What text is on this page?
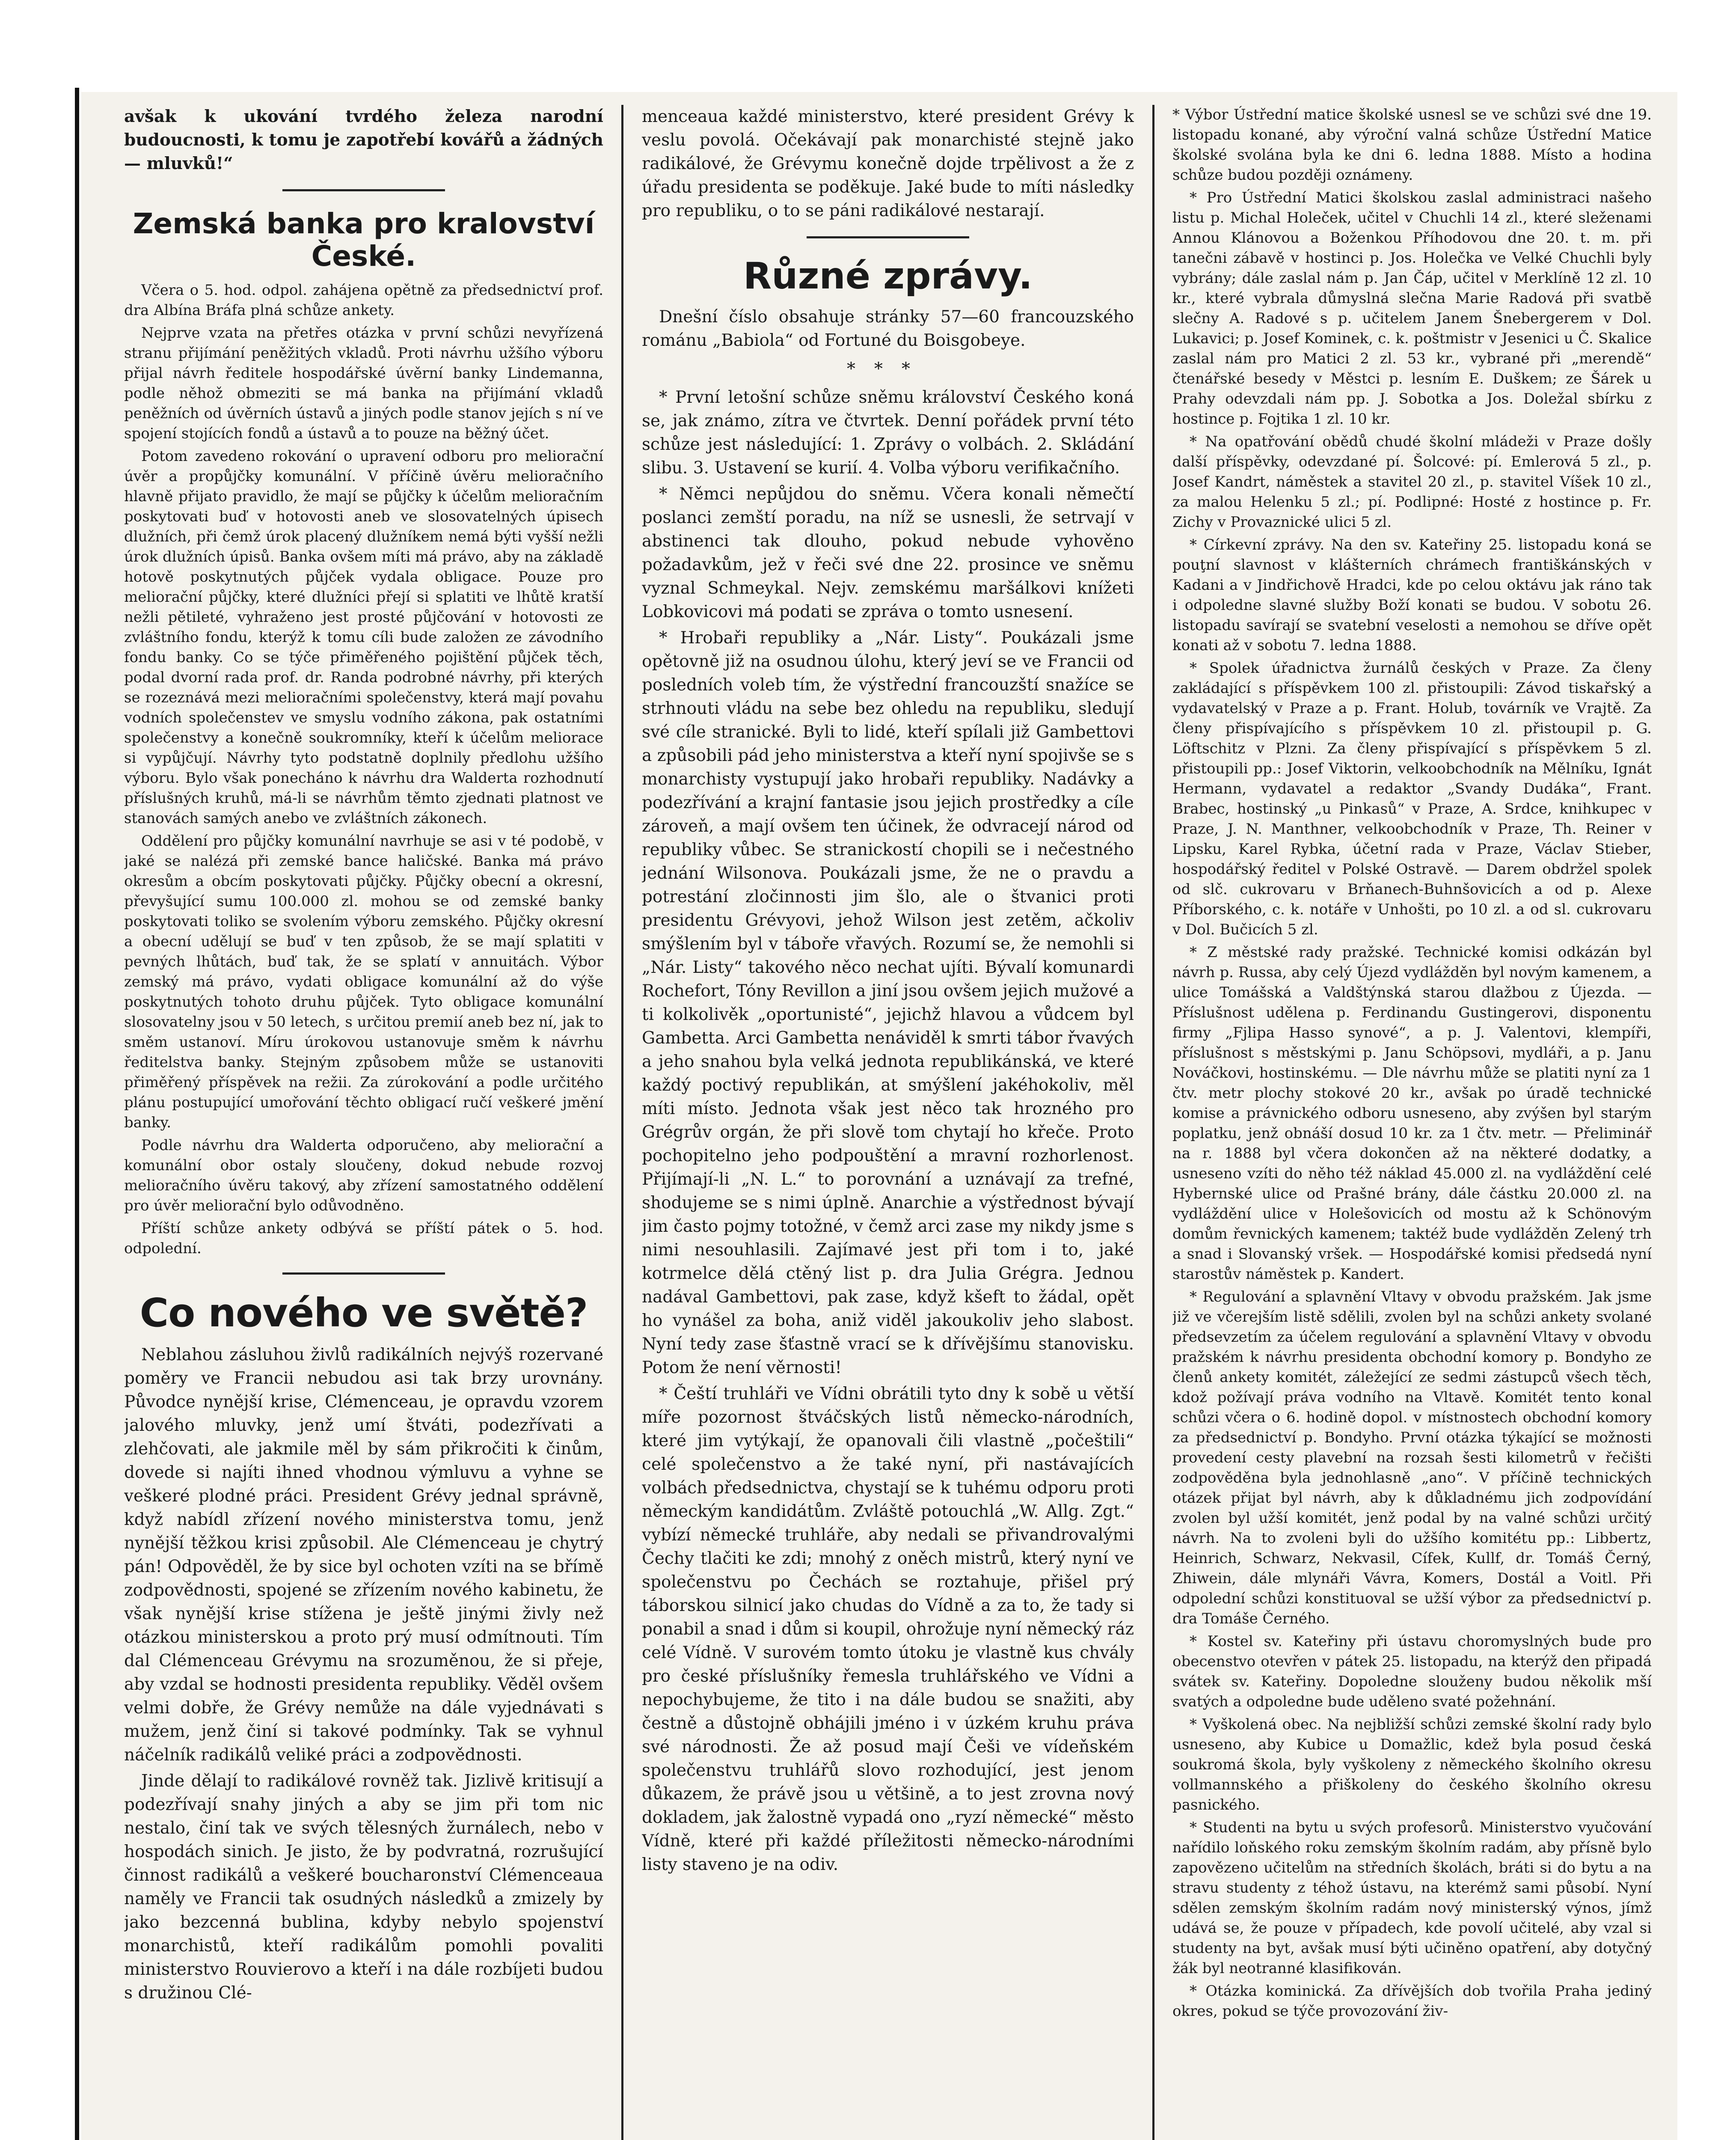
avšak k ukování tvrdého železa narodní budoucnosti, k tomu je zapotřebí kovářů a žádných — mluvků!“

Zemská banka pro kralovství České.

Včera o 5. hod. odpol. zahájena opětně za předsednictví prof. dra Albína Bráfa plná schůze ankety.

Nejprve vzata na přetřes otázka v první schůzi nevyřízená stranu přijímání peněžitých vkladů. Proti návrhu užšího výboru přijal návrh ředitele hospodářské úvěrní banky Lindemanna, podle něhož obmeziti se má banka na přijímání vkladů peněžních od úvěrních ústavů a jiných podle stanov jejích s ní ve spojení stojících fondů a ústavů a to pouze na běžný účet.

Potom zavedeno rokování o upravení odboru pro meliorační úvěr a propůjčky komunální. V příčině úvěru melioračního hlavně přijato pravidlo, že mají se půjčky k účelům melioračním poskytovati buď v hotovosti aneb ve slosovatelných úpisech dlužních, při čemž úrok placený dlužníkem nemá býti vyšší nežli úrok dlužních úpisů. Banka ovšem míti má právo, aby na základě hotově poskytnutých půjček vydala obligace. Pouze pro meliorační půjčky, které dlužníci přejí si splatiti ve lhůtě kratší nežli pětileté, vyhraženo jest prosté půjčování v hotovosti ze zvláštního fondu, kterýž k tomu cíli bude založen ze závodního fondu banky. Co se týče přiměřeného pojištění půjček těch, podal dvorní rada prof. dr. Randa podrobné návrhy, při kterých se rozeznává mezi melioračními společenstvy, která mají povahu vodních společenstev ve smyslu vodního zákona, pak ostatními společenstvy a konečně soukromníky, kteří k účelům meliorace si vypůjčují. Návrhy tyto podstatně doplnily předlohu užšího výboru. Bylo však ponecháno k návrhu dra Walderta rozhodnutí příslušných kruhů, má-li se návrhům těmto zjednati platnost ve stanovách samých anebo ve zvláštních zákonech.

Oddělení pro půjčky komunální navrhuje se asi v té podobě, v jaké se nalézá při zemské bance haličské. Banka má právo okresům a obcím poskytovati půjčky. Půjčky obecní a okresní, převyšující sumu 100.000 zl. mohou se od zemské banky poskytovati toliko se svolením výboru zemského. Půjčky okresní a obecní udělují se buď v ten způsob, že se mají splatiti v pevných lhůtách, buď tak, že se splatí v annuitách. Výbor zemský má právo, vydati obligace komunální až do výše poskytnutých tohoto druhu půjček. Tyto obligace komunální slosovatelny jsou v 50 letech, s určitou premií aneb bez ní, jak to směm ustanoví. Míru úrokovou ustanovuje směm k návrhu ředitelstva banky. Stejným způsobem může se ustanoviti přiměřený příspěvek na režii. Za zúrokování a podle určitého plánu postupující umořování těchto obligací ručí veškeré jmění banky.

Podle návrhu dra Walderta odporučeno, aby meliorační a komunální obor ostaly sloučeny, dokud nebude rozvoj melioračního úvěru takový, aby zřízení samostatného oddělení pro úvěr meliorační bylo odůvodněno.

Příští schůze ankety odbývá se příští pátek o 5. hod. odpolední.

Co nového ve světě?

Neblahou zásluhou živlů radikálních nejvýš rozervané poměry ve Francii nebudou asi tak brzy urovnány. Původce nynější krise, Clémenceau, je opravdu vzorem jalového mluvky, jenž umí štváti, podezřívati a zlehčovati, ale jakmile měl by sám přikročiti k činům, dovede si najíti ihned vhodnou výmluvu a vyhne se veškeré plodné práci. President Grévy jednal správně, když nabídl zřízení nového ministerstva tomu, jenž nynější těžkou krisi způsobil. Ale Clémenceau je chytrý pán! Odpověděl, že by sice byl ochoten vzíti na se břímě zodpovědnosti, spojené se zřízením nového kabinetu, že však nynější krise stížena je ještě jinými živly než otázkou ministerskou a proto prý musí odmítnouti. Tím dal Clémenceau Grévymu na srozuměnou, že si přeje, aby vzdal se hodnosti presidenta republiky. Věděl ovšem velmi dobře, že Grévy nemůže na dále vyjednávati s mužem, jenž činí si takové podmínky. Tak se vyhnul náčelník radikálů veliké práci a zodpovědnosti.

Jinde dělají to radikálové rovněž tak. Jizlivě kritisují a podezřívají snahy jiných a aby se jim při tom nic nestalo, činí tak ve svých tělesných žurnálech, nebo v hospodách sinich. Je jisto, že by podvratná, rozrušující činnost radikálů a veškeré boucharonství Clémenceaua naměly ve Francii tak osudných následků a zmizely by jako bezcenná bublina, kdyby nebylo spojenství monarchistů, kteří radikálům pomohli povaliti ministerstvo Rouvierovo a kteří i na dále rozbíjeti budou s družinou Clé-

menceaua každé ministerstvo, které president Grévy k veslu povolá. Očekávají pak monarchisté stejně jako radikálové, že Grévymu konečně dojde trpělivost a že z úřadu presidenta se poděkuje. Jaké bude to míti následky pro republiku, o to se páni radikálové nestarají.

Různé zprávy.

Dnešní číslo obsahuje stránky 57—60 francouzského románu „Babiola“ od Fortuné du Boisgobeye.

***

* První letošní schůze sněmu království Českého koná se, jak známo, zítra ve čtvrtek. Denní pořádek první této schůze jest následující: 1. Zprávy o volbách. 2. Skládání slibu. 3. Ustavení se kurií. 4. Volba výboru verifikačního.

* Němci nepůjdou do sněmu. Včera konali němečtí poslanci zemští poradu, na níž se usnesli, že setrvají v abstinenci tak dlouho, pokud nebude vyhověno požadavkům, jež v řeči své dne 22. prosince ve sněmu vyznal Schmeykal. Nejv. zemskému maršálkovi knížeti Lobkovicovi má podati se zpráva o tomto usnesení.

* Hrobaři republiky a „Nár. Listy“. Poukázali jsme opětovně již na osudnou úlohu, který jeví se ve Francii od posledních voleb tím, že výstřední francouzští snažíce se strhnouti vládu na sebe bez ohledu na republiku, sledují své cíle stranické. Byli to lidé, kteří spílali již Gambettovi a způsobili pád jeho ministerstva a kteří nyní spojivše se s monarchisty vystupují jako hrobaři republiky. Nadávky a podezřívání a krajní fantasie jsou jejich prostředky a cíle zároveň, a mají ovšem ten účinek, že odvracejí národ od republiky vůbec. Se stranickostí chopili se i nečestného jednání Wilsonova. Poukázali jsme, že ne o pravdu a potrestání zločinnosti jim šlo, ale o štvanici proti presidentu Grévyovi, jehož Wilson jest zetěm, ačkoliv smýšlením byl v táboře vřavých. Rozumí se, že nemohli si „Nár. Listy“ takového něco nechat ujíti. Bývalí komunardi Rochefort, Tóny Revillon a jiní jsou ovšem jejich mužové a ti kolkolivěk „oportunisté“, jejichž hlavou a vůdcem byl Gambetta. Arci Gambetta nenáviděl k smrti tábor řvavých a jeho snahou byla velká jednota republikánská, ve které každý poctivý republikán, at smýšlení jakéhokoliv, měl míti místo. Jednota však jest něco tak hrozného pro Grégrův orgán, že při slově tom chytají ho křeče. Proto pochopitelno jeho podpouštění a mravní rozhorlenost. Přijímají-li „N. L.“ to porovnání a uznávají za trefné, shodujeme se s nimi úplně. Anarchie a výstřednost bývají jim často pojmy totožné, v čemž arci zase my nikdy jsme s nimi nesouhlasili. Zajímavé jest při tom i to, jaké kotrmelce dělá ctěný list p. dra Julia Grégra. Jednou nadával Gambettovi, pak zase, když kšeft to žádal, opět ho vynášel za boha, aniž viděl jakoukoliv jeho slabost. Nyní tedy zase šťastně vrací se k dřívějšímu stanovisku. Potom že není věrnosti!

* Čeští truhláři ve Vídni obrátili tyto dny k sobě u větší míře pozornost štváčských listů německo-národních, které jim vytýkají, že opanovali čili vlastně „počeštili“ celé společenstvo a že také nyní, při nastávajících volbách předsednictva, chystají se k tuhému odporu proti německým kandidátům. Zvláště potouchlá „W. Allg. Zgt.“ vybízí německé truhláře, aby nedali se přivandrovalými Čechy tlačiti ke zdi; mnohý z oněch mistrů, který nyní ve společenstvu po Čechách se roztahuje, přišel prý táborskou silnicí jako chudas do Vídně a za to, že tady si ponabil a snad i dům si koupil, ohrožuje nyní německý ráz celé Vídně. V surovém tomto útoku je vlastně kus chvály pro české příslušníky řemesla truhlářského ve Vídni a nepochybujeme, že tito i na dále budou se snažiti, aby čestně a důstojně obhájili jméno i v úzkém kruhu práva své národnosti. Že až posud mají Češi ve vídeňském společenstvu truhlářů slovo rozhodující, jest jenom důkazem, že právě jsou u většině, a to jest zrovna nový dokladem, jak žalostně vypadá ono „ryzí německé“ město Vídně, které při každé příležitosti německo-národními listy staveno je na odiv.

* Výbor Ústřední matice školské usnesl se ve schůzi své dne 19. listopadu konané, aby výroční valná schůze Ústřední Matice školské svolána byla ke dni 6. ledna 1888. Místo a hodina schůze budou později oznámeny.

* Pro Ústřední Matici školskou zaslal administraci našeho listu p. Michal Holeček, učitel v Chuchli 14 zl., které sleženami Annou Klánovou a Boženkou Příhodovou dne 20. t. m. při tanečni zábavě v hostinci p. Jos. Holečka ve Velké Chuchli byly vybrány; dále zaslal nám p. Jan Čáp, učitel v Merklíně 12 zl. 10 kr., které vybrala důmyslná slečna Marie Radová při svatbě slečny A. Radové s p. učitelem Janem Šnebergerem v Dol. Lukavici; p. Josef Kominek, c. k. poštmistr v Jesenici u Č. Skalice zaslal nám pro Matici 2 zl. 53 kr., vybrané při „merendě“ čtenářské besedy v Městci p. lesním E. Duškem; ze Šárek u Prahy odevzdali nám pp. J. Sobotka a Jos. Doležal sbírku z hostince p. Fojtika 1 zl. 10 kr.

* Na opatřování obědů chudé školní mládeži v Praze došly další příspěvky, odevzdané pí. Šolcové: pí. Emlerová 5 zl., p. Josef Kandrt, náměstek a stavitel 20 zl., p. stavitel Víšek 10 zl., za malou Helenku 5 zl.; pí. Podlipné: Hosté z hostince p. Fr. Zichy v Provaznické ulici 5 zl.

* Církevní zprávy. Na den sv. Kateřiny 25. listopadu koná se pouţní slavnost v klášterních chrámech františkánských v Kadani a v Jindřichově Hradci, kde po celou oktávu jak ráno tak i odpoledne slavné služby Boží konati se budou. V sobotu 26. listopadu savírají se svatební veselosti a nemohou se dříve opět konati až v sobotu 7. ledna 1888.

* Spolek úřadnictva žurnálů českých v Praze. Za členy zakládající s příspěvkem 100 zl. přistoupili: Závod tiskařský a vydavatelský v Praze a p. Frant. Holub, továrník ve Vrajtě. Za členy přispívajícího s příspěvkem 10 zl. přistoupil p. G. Löftschitz v Plzni. Za členy přispívající s příspěvkem 5 zl. přistoupili pp.: Josef Viktorin, velkoobchodník na Mělníku, Ignát Hermann, vydavatel a redaktor „Svandy Dudáka“, Frant. Brabec, hostinský „u Pinkasů“ v Praze, A. Srdce, knihkupec v Praze, J. N. Manthner, velkoobchodník v Praze, Th. Reiner v Lipsku, Karel Rybka, účetní rada v Praze, Václav Stieber, hospodářský ředitel v Polské Ostravě. — Darem obdržel spolek od slč. cukrovaru v Brňanech-Buhnšovicích a od p. Alexe Příborského, c. k. notáře v Unhošti, po 10 zl. a od sl. cukrovaru v Dol. Bučicích 5 zl.

* Z městské rady pražské. Technické komisi odkázán byl návrh p. Russa, aby celý Újezd vydlážděn byl novým kamenem, a ulice Tomášská a Valdštýnská starou dlažbou z Újezda. — Příslušnost udělena p. Ferdinandu Gustingerovi, disponentu firmy „Fjlipa Hasso synové“, a p. J. Valentovi, klempíři, příslušnost s městskými p. Janu Schöpsovi, mydláři, a p. Janu Nováčkovi, hostinskému. — Dle návrhu může se platiti nyní za 1 čtv. metr plochy stokové 20 kr., avšak po úradě technické komise a právnického odboru usneseno, aby zvýšen byl starým poplatku, jenž obnáší dosud 10 kr. za 1 čtv. metr. — Přeliminář na r. 1888 byl včera dokončen až na některé dodatky, a usneseno vzíti do něho též náklad 45.000 zl. na vydláždění celé Hybernské ulice od Prašné brány, dále částku 20.000 zl. na vydláždění ulice v Holešovicích od mostu až k Schönovým domům řevnických kamenem; taktéž bude vydlážděn Zelený trh a snad i Slovanský vršek. — Hospodářské komisi předsedá nyní starostův náměstek p. Kandert.

* Regulování a splavnění Vltavy v obvodu pražském. Jak jsme již ve včerejším listě sdělili, zvolen byl na schůzi ankety svolané předsevzetím za účelem regulování a splavnění Vltavy v obvodu pražském k návrhu presidenta obchodní komory p. Bondyho ze členů ankety komitét, záležející ze sedmi zástupců všech těch, kdož požívají práva vodního na Vltavě. Komitét tento konal schůzi včera o 6. hodině dopol. v místnostech obchodní komory za předsednictví p. Bondyho. První otázka týkající se možnosti provedení cesty plavební na rozsah šesti kilometrů v řečišti zodpověděna byla jednohlasně „ano“. V příčině technických otázek přijat byl návrh, aby k důkladnému jich zodpovídání zvolen byl užší komitét, jenž podal by na valné schůzi určitý návrh. Na to zvoleni byli do užšího komitétu pp.: Libbertz, Heinrich, Schwarz, Nekvasil, Cífek, Kullf, dr. Tomáš Černý, Zhiwein, dále mlynáři Vávra, Komers, Dostál a Voitl. Při odpolední schůzi konstituoval se užší výbor za předsednictví p. dra Tomáše Černého.

* Kostel sv. Kateřiny při ústavu choromyslných bude pro obecenstvo otevřen v pátek 25. listopadu, na kterýž den připadá svátek sv. Kateřiny. Dopoledne slouženy budou několik mší svatých a odpoledne bude uděleno svaté požehnání.

* Vyškolená obec. Na nejbližší schůzi zemské školní rady bylo usneseno, aby Kubice u Domažlic, kdež byla posud česká soukromá škola, byly vyškoleny z německého školního okresu vollmannského a přiškoleny do českého školního okresu pasnického.

* Studenti na bytu u svých profesorů. Ministerstvo vyučování nařídilo loňského roku zemským školním radám, aby přísně bylo zapovězeno učitelům na středních školách, bráti si do bytu a na stravu studenty z téhož ústavu, na kterémž sami působí. Nyní sdělen zemským školním radám nový ministerský výnos, jímž udává se, že pouze v případech, kde povolí učitelé, aby vzal si studenty na byt, avšak musí býti učiněno opatření, aby dotyčný žák byl neotranné klasifikován.

* Otázka kominická. Za dřívějších dob tvořila Praha jediný okres, pokud se týče provozování živ-
